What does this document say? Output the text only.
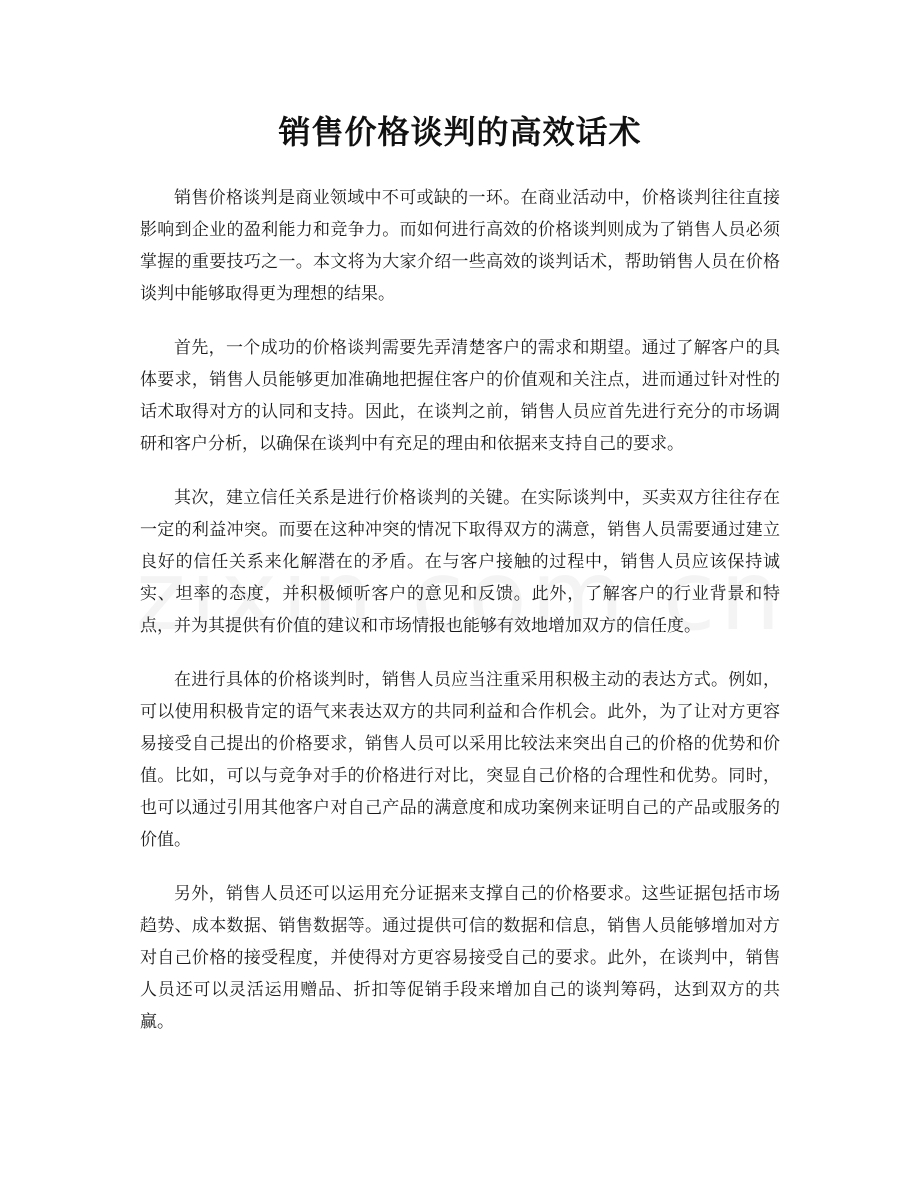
销售价格谈判的高效话术

销售价格谈判是商业领域中不可或缺的一环。在商业活动中，价格谈判往往直接影响到企业的盈利能力和竞争力。而如何进行高效的价格谈判则成为了销售人员必须掌握的重要技巧之一。本文将为大家介绍一些高效的谈判话术，帮助销售人员在价格谈判中能够取得更为理想的结果。

首先，一个成功的价格谈判需要先弄清楚客户的需求和期望。通过了解客户的具体要求，销售人员能够更加准确地把握住客户的价值观和关注点，进而通过针对性的话术取得对方的认同和支持。因此，在谈判之前，销售人员应首先进行充分的市场调研和客户分析，以确保在谈判中有充足的理由和依据来支持自己的要求。

其次，建立信任关系是进行价格谈判的关键。在实际谈判中，买卖双方往往存在一定的利益冲突。而要在这种冲突的情况下取得双方的满意，销售人员需要通过建立良好的信任关系来化解潜在的矛盾。在与客户接触的过程中，销售人员应该保持诚实、坦率的态度，并积极倾听客户的意见和反馈。此外，了解客户的行业背景和特点，并为其提供有价值的建议和市场情报也能够有效地增加双方的信任度。

在进行具体的价格谈判时，销售人员应当注重采用积极主动的表达方式。例如，可以使用积极肯定的语气来表达双方的共同利益和合作机会。此外，为了让对方更容易接受自己提出的价格要求，销售人员可以采用比较法来突出自己的价格的优势和价值。比如，可以与竞争对手的价格进行对比，突显自己价格的合理性和优势。同时，也可以通过引用其他客户对自己产品的满意度和成功案例来证明自己的产品或服务的价值。

另外，销售人员还可以运用充分证据来支撑自己的价格要求。这些证据包括市场趋势、成本数据、销售数据等。通过提供可信的数据和信息，销售人员能够增加对方对自己价格的接受程度，并使得对方更容易接受自己的要求。此外，在谈判中，销售人员还可以灵活运用赠品、折扣等促销手段来增加自己的谈判筹码，达到双方的共赢。
